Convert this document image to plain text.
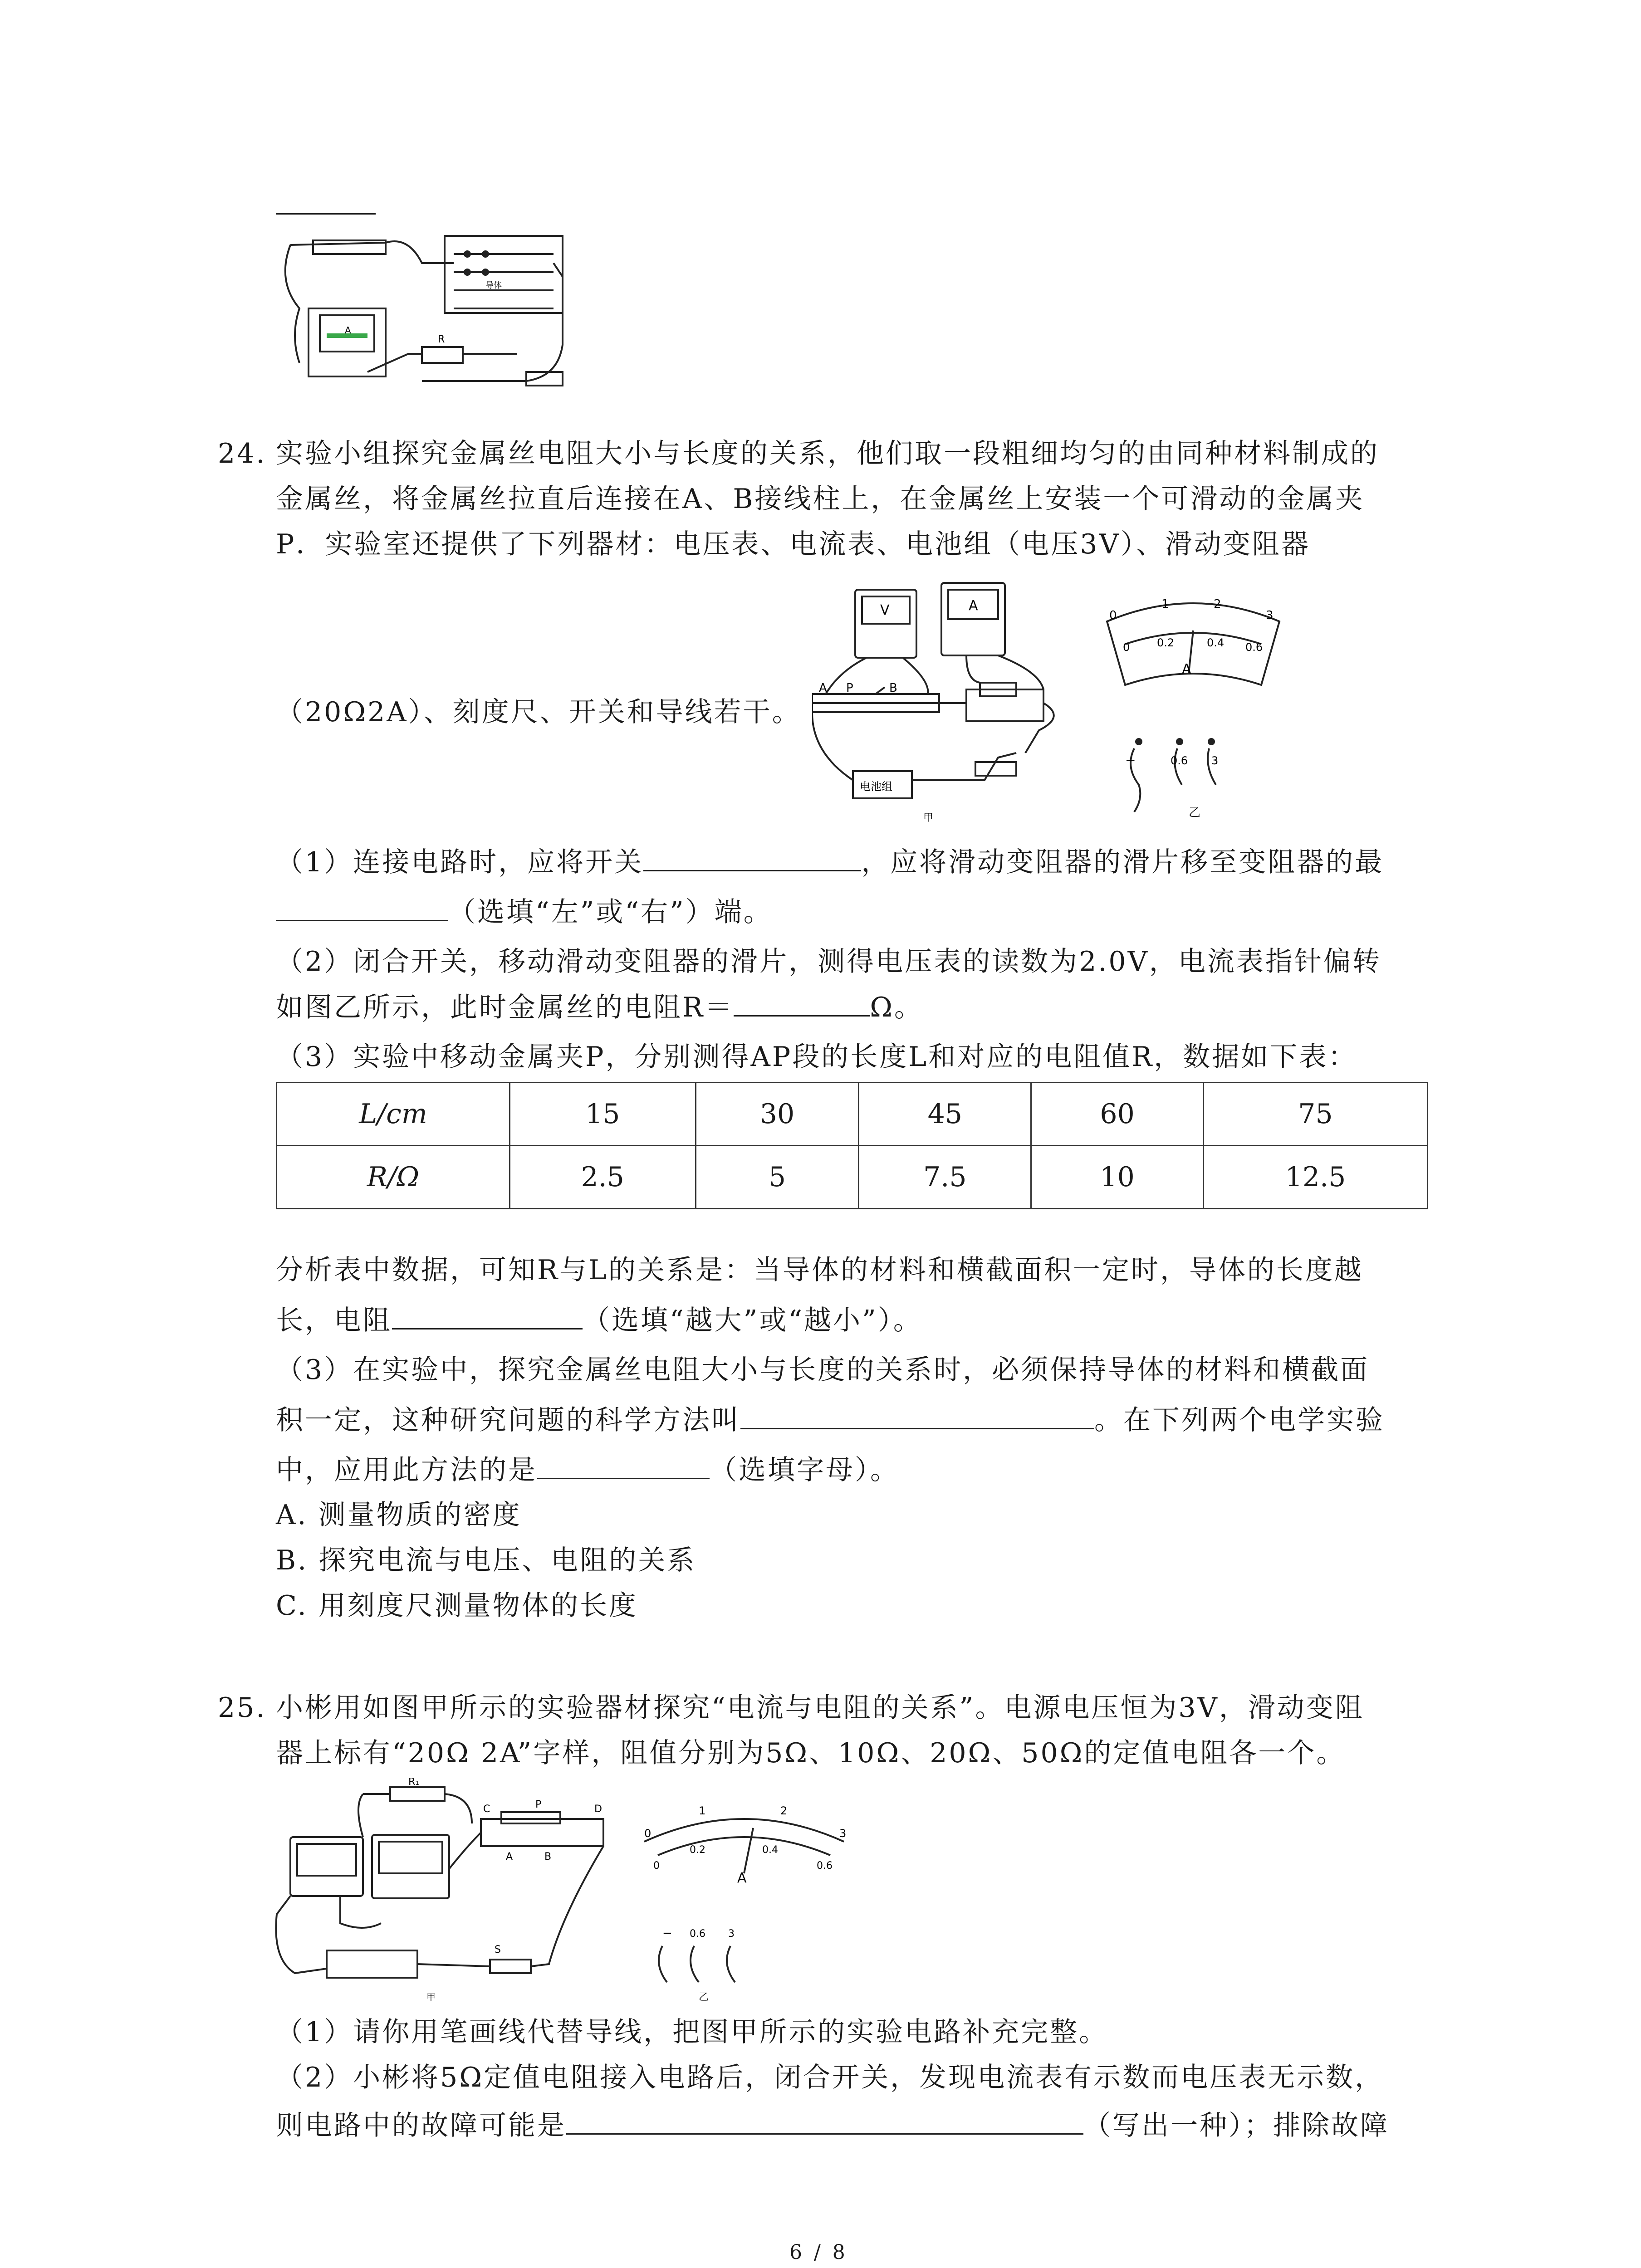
A
R
导体
24. 实验小组探究金属丝电阻大小与长度的关系，他们取一段粗细均匀的由同种材料制成的
金属丝，将金属丝拉直后连接在A、B接线柱上，在金属丝上安装一个可滑动的金属夹
P．实验室还提供了下列器材：电压表、电流表、电池组（电压3V）、滑动变阻器
（20Ω2A）、刻度尺、开关和导线若干。
V	A
A P	B
电池组
甲
0
1	2
3
0 0.2	0.4 0.6
A
−	0.6 3
乙
（1）连接电路时，应将开关	，应将滑动变阻器的滑片移至变阻器的最
（选填“左”或“右”）端。
（2）闭合开关，移动滑动变阻器的滑片，测得电压表的读数为2.0V，电流表指针偏转
如图乙所示，此时金属丝的电阻R＝	Ω。
（3）实验中移动金属夹P，分别测得AP段的长度L和对应的电阻值R，数据如下表：
L/cm	15	30	45	60	75
R/Ω	2.5	5	7.5	10	12.5
分析表中数据，可知R与L的关系是：当导体的材料和横截面积一定时，导体的长度越
长，电阻	（选填“越大”或“越小”）。
（3）在实验中，探究金属丝电阻大小与长度的关系时，必须保持导体的材料和横截面
积一定，这种研究问题的科学方法叫	。在下列两个电学实验
中，应用此方法的是	（选填字母）。
A. 测量物质的密度
B. 探究电流与电压、电阻的关系
C. 用刻度尺测量物体的长度
25. 小彬用如图甲所示的实验器材探究“电流与电阻的关系”。电源电压恒为3V，滑动变阻
器上标有“20Ω 2A”字样，阻值分别为5Ω、10Ω、20Ω、50Ω的定值电阻各一个。
R₁
C	P	D
A	B
S
甲
0
1	2
3
0
0.2	0.4
0.6
A
− 0.6 3
乙
（1）请你用笔画线代替导线，把图甲所示的实验电路补充完整。
（2）小彬将5Ω定值电阻接入电路后，闭合开关，发现电流表有示数而电压表无示数，
则电路中的故障可能是	（写出一种）；排除故障
6 / 8
